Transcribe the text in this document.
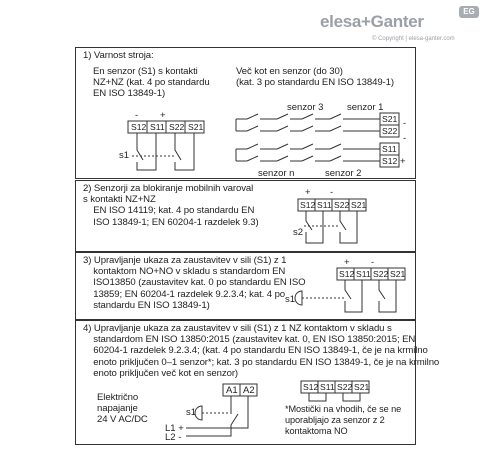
elesa+Ganter
EG
© Copyright | elesa-ganter.com
1) Varnost stroja:
En senzor (S1) s kontakti
NZ+NZ (kat. 4 po standardu
EN ISO 13849-1)
Več kot en senzor (do 30)
(kat. 3 po standardu EN ISO 13849-1)
2) Senzorji za blokiranje mobilnih varoval
s kontakti NZ+NZ
EN ISO 14119; kat. 4 po standardu EN
ISO 13849-1; EN 60204-1 razdelek 9.3)
3) Upravljanje ukaza za zaustavitev v sili (S1) z 1
kontaktom NO+NO v skladu s standardom EN
ISO13850 (zaustavitev kat. 0 po standardu EN ISO
13859; EN 60204-1 razdelek 9.2.3.4; kat. 4 po
standardu EN ISO 13849-1)
4) Upravljanje ukaza za zaustavitev v sili (S1) z 1 NZ kontaktom v skladu s
standardom EN ISO 13850:2015 (zaustavitev kat. 0, EN ISO 13850:2015; EN
60204-1 razdelek 9.2.3.4; (kat. 4 po standardu EN ISO 13849-1, če je na krmilno
enoto priključen 0–1 senzor*; kat. 3 po standardu EN ISO 13849-1, če je na krmilno
enoto priključen več kot en senzor)
Električno
napajanje
24 V AC/DC
*Mostički na vhodih, če se ne
uporabljajo za senzor z 2
kontaktoma NO
S12 S11 S22 S21
- +
s1
senzor 3 senzor 1
senzor n	senzor 2
S21
S22
S11
S12
-
-
+
S12 S11 S22 S21
+ -
s2
S12 S11 S22 S21
+ -
s1
A1 A2
L1 +
L2 -
s1
S12 S11 S22 S21
